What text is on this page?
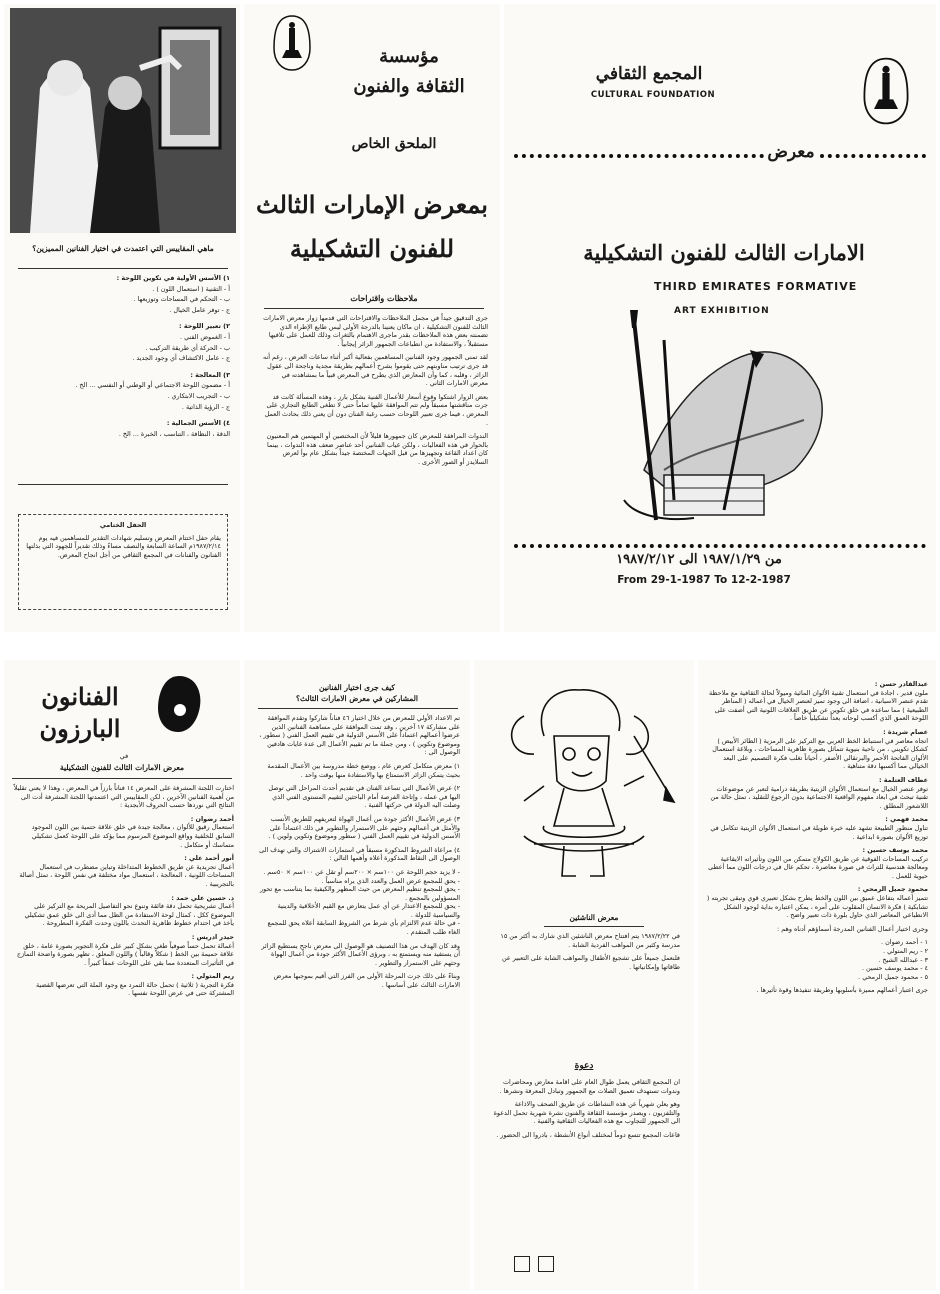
ماهي المقاييس التي اعتمدت في اختيار الفنانين المميزين؟
١) الأسس الأولية في تكوين اللوحة :
أ - التقنية ( استعمال اللون ) .
ب - التحكم في المساحات وتوزيعها .
ج - توفر عامل الخيال .
٢) تعبير اللوحة :
أ - الغموض الفني .
ب - الحركة أي طريقة التركيب .
ج - عامل الاكتشاف أي وجود الجديد .
٣) المعالجة :
أ - مضمون اللوحة الاجتماعي أو الوطني أو النفسي ... الخ .
ب - التجريب الابتكاري .
ج - الرؤية الذاتية .
٤) الأسس الجمالية :
الدقة ، النظافة ، التناسب ، الخبرة ... الخ .
الحفل الختامي
يقام حفل اختتام المعرض وتسليم شهادات التقدير للمساهمين فيه يوم ١٩٨٧/٢/١٤م الساعة السابعة والنصف مساءً وذلك تقديراً للجهود التي بذلتها الفنانون والفنانات في المجمع الثقافي من أجل انجاح المعرض.
مؤسسة
الثقافة والفنون
الملحق الخاص
بمعرض الإمارات الثالث
للفنون التشكيلية
ملاحظات واقتراحات

جرى التدقيق جيداً في مجمل الملاحظات والاقتراحات التي قدمها زوار معرض الامارات الثالث للفنون التشكيلية ، ان ماكان يعنينا بالدرجة الأولى ليس طابع الإطراء الذي تضمنته بعض هذه الملاحظات بقدر ماجرى الاهتمام بالثغرات وذلك للعمل على تلافيها مستقبلاً ، والاستفادة من انطباعات الجمهور الزائر إيجابياً .

لقد تمنى الجمهور وجود الفنانين المساهمين بفعالية أكبر أثناء ساعات العرض ، رغم أنه قد جرى ترتيب مناوبتهم حتى يقوموا بشرح أعمالهم بطريقة مجدية وناجحة الى عقول الزائر ، وقلبه ، كما وأن المعارض الذي يطرح في المعرض قبياً ما بمشاهدته في معرض الامارات الثاني .

بعض الزوار اشتكوا وقوع أسعار للأعمال الفنية بشكل بارز ، وهذه المسألة كانت قد جرت مناقشتها مسبقاً ولم تتم الموافقة عليها تماماً حتى لا تطغى الطابع التجاري على المعرض ، فيما جرى تعبير اللوحات حسب رغبة الفنان دون أن يعني ذلك بحادث العمل .

الندوات المرافقة للمعرض كان جمهورها قليلاً لأن المختصين أو المهتمين هم المعنيون بالحوار في هذه الفعاليات ، ولكن غياب الفنانين أحد عناصر ضعف هذه الندوات ، بينما كان اعداد القاعة وتجهيزها من قبل الجهات المختصة جيداً بشكل عام بوأ لعرض السلايدز أو الصور الأخرى .

المجمع الثقافي
CULTURAL FOUNDATION
معرض
الامارات الثالث للفنون التشكيلية
THIRD EMIRATES FORMATIVE
ART EXHIBITION
من ١٩٨٧/١/٢٩ الى ١٩٨٧/٢/١٢
From 29-1-1987 To 12-2-1987
الفنانون
البارزون
في
معرض الامارات الثالث للفنون التشكيلية

اختارت اللجنة المشرفة على المعرض ١٤ فناناً بارزاً في المعرض ، وهذا لا يعني تقليلاً من أهمية الفنانين الآخرين ، لكن المقاييس التي اعتمدتها اللجنة المشرفة أدت الى النتائج التي نوردها حسب الحروف الأبجدية :

أحمد رضوان :

استعمال رقيق للألوان ، معالجة جيدة في خلق علاقة حتمية بين اللون الموجود السابق للخلفية وواقع الموضوع المرسوم مما يؤكد على اللوحة كعمل تشكيلي متماسك أو متكامل .

أنور أحمد علي :

أعمال تجريدية عن طريق الخطوط المتداخلة وتباين مضطرب في استعمال المساحات اللونية ، المعالجة ، استعمال مواد مختلفة في نفس اللوحة ، تمثل أصالة بالتجريبية .

د. حسين علي حمد :

أعمال تشريحية تحمل دقة فائقة وتنوع نحو التفاصيل المريحة مع التركيز على الموضوع ككل ، كمثال لوحة الاستفادة من الظل مما أدى الى خلق عمق تشكيلي يأخذ في احتدام خطوط ظاهرية التحدث باللون وحدت الفكرة المطروحة .

حيدر ادريس :

أعمالة تحمل حساً صوفياً طغى بشكل كبير على فكرة التجوير بصورة عامة ، خلق علاقة حميمة بين الخط ( شكلاً وقالباً ) واللون المعلق ، تظهر بصورة واضحة التمازج في التأثيرات المتعددة مما بقي على اللوحات عمقاً كبيراً .

ريم المتولي :

فكرة التجربة ( ثلاثية ) تحمل حالة التمرد مع وجود الملة التي تعرضها القضية المشتركة حتى في عرض اللوحة نفسها .

كيف جرى اختيار الفنانين
المشاركين في معرض الامارات الثالث؟

تم الاعداد الأولي للمعرض من خلال اختيار ٤٦ فناناً شاركوا وتقدم الموافقة على مشاركة ١٧ آخرين ، وقد تمت الموافقة على مساهمة الفنانين الذين عرضوا أعمالهم اعتماداً على الأسس الدولية في تقييم العمل الفني ( سطور ، وموضوع وتكوين ) ، ومن جملة ما تم تقييم الأعمال الى عدة غايات هادفين الوصول الى :

١) معرض متكامل كعرض عام ، ووضع خطة مدروسة بين الأعمال المقدمة بحيث يتمكن الزائر الاستمتاع بها والاستفادة منها بوقت واحد .

٢) عرض الأعمال التي تساعد الفنان في تقديم أحدث المراحل التي توصل اليها في عمله ، وإتاحة الفرصة أمام الباحثين لتقييم المستوى الفني الذي وصلت اليه الدولة في حركتها الفنية .

٣) عرض الأعمال الأكثر جودة من أعمال الهواة لتعريفهم للطريق الأنسب والأمثل في أعمالهم وحثهم على الاستمرار والتطوير في ذلك اعتماداً على الأسس الدولية في تقييم العمل الفني ( سطور وموضوع وتكوين ولوين ) .

٤) مراعاة الشروط المذكورة مسبقاً في استمارات الاشتراك والتي تهدف الى الوصول الى النقاط المذكورة أعلاه وأهمها التالي :

- لا يزيد حجم اللوحة عن ١٠٠سم × ٢٠٠سم أو تقل عن ١٠٠سم × ٥٠سم .
- يحق للمجمع عرض العمل والعدد الذي يراه مناسباً .
- يحق للمجمع تنظيم المعرض من حيث المظهر والكيفية بما يتناسب مع تحور المسؤولين بالمجمع .
- يحق للمجمع الاعتذار عن أي عمل يتعارض مع القيم الأخلاقية والدينية والسياسية للدولة .
- في حالة عدم الالتزام بأي شرط من الشروط السابقة أعلاه يحق للمجمع الغاء طلب المتقدم .

وقد كان الهدف من هذا التصنيف هو الوصول الى معرض ناجح يستطيع الزائر أن يستفيد منه ويستمتع به ، وبرؤى الأعمال الأكثر جودة من أعمال الهواة وحثهم على الاستمرار والتطوير .

وبناءً على ذلك جرت المرحلة الأولى من الفرز التي أقيم بموجبها معرض الامارات الثالث على أساسها .

معرض الناشئين

في ١٩٨٧/٢/٢٢ يتم افتتاح معرض الناشئين الذي شارك به أكثر من ١٥ مدرسة وكثير من المواهب الفردية الشابة .

فلنعمل جميعاً على تشجيع الأطفال والمواهب الشابة على التعبير عن طاقاتها وإمكانياتها .

دعوة

ان المجمع الثقافي يعمل طوال العام على اقامة معارض ومحاضرات وندوات تستهدف تعميق الصلات مع الجمهور وتبادل المعرفة ونشرها .

وهو يعلن شهرياً عن هذه النشاطات عن طريق الصحف والاذاعة والتلفزيون ، ويصدر مؤسسة الثقافة والفنون نشرة شهرية تحمل الدعوة الى الجمهور للتجاوب مع هذه الفعاليات الثقافية والفنية .

قاعات المجمع تتسع دوماً لمختلف أنواع الأنشطة ، بادروا الى الحضور .

عبدالقادر حسن :

ملون قدير ، اجادة في استعمال تقنية الألوان المائية وميولاً لحالة الثقافية مع ملاحظة تقدم عنصر الاسبانية ، اضافة الى وجود تميز لعنصر الخيال في أعماله ( المناظر الطبيعية ) مما ساعده في خلق تكوين عن طريق العلاقات اللونية التي أضفت على اللوحة العمق الذي أكسب لوحاته بعداً تشكيلياً خاصاً .

عصام شريدة :

اتجاه معاصر في استنباط الخط العربي مع التركيز على الرمزية ( الطائر الأبيض ) كشكل تكويني ، من ناحية بنيوية تتماثل بصورة ظاهرية المساحات ، وبلاغة استعمال الألوان الفاتحة الأحمر والبرتقالي الأصفر ، أحياناً تغلب فكرة التصميم على البعد الخيالي مما أكسبها دقة متناهية .

عطاف العتلمة :

توفر عنصر الخيال مع استعمال الألوان الزيتية بطريقة درامية لتعبر عن موضوعات تقنية تبحث في ابعاد مفهوم الواقعية الاجتماعية بدون الرجوع للتقليد ، تمثل حالة من اللاشعور المطلق .

محمد فهمي :

تناول منظور الطبيعة تشهد عليه خبرة طويلة في استعمال الألوان الزيتية تتكامل في توزيع الألوان بصورة ابداعية .

محمد يوسف حسين :

تركيب المساحات الفوقية عن طريق الكولاج متمكن من اللون وتأثيراته الايقاعية ومعالجة هندسية للتراث في صورة معاصرة ، تحكم عال في درجات اللون مما أعطى حيوية للعمل .

محمود جميل الرمحي :

تتميز أعماله بتفاعل عميق بين اللون والخط يطرح بشكل تعبيري قوي وتبقى تجربته ( تشابكية ) فكرة الانسان المقلوب على أمره ، يمكن اعتباره بداية لوجود الشكل الانطباعي المعاصر الذي حاول بلورة ذات تعبير واضح .

وجرى اختيار أعمال الفنانين المدرجة أسماؤهم أدناه وهم :

١ - أحمد رضوان .
٢ - ريم المتولي .
٣ - عبدالله الشيخ .
٤ - محمد يوسف حسين .
٥ - محمود جميل الرمحي .

جرى اعتبار أعمالهم مميزة بأسلوبها وطريقة تنفيذها وقوة تأثيرها .
